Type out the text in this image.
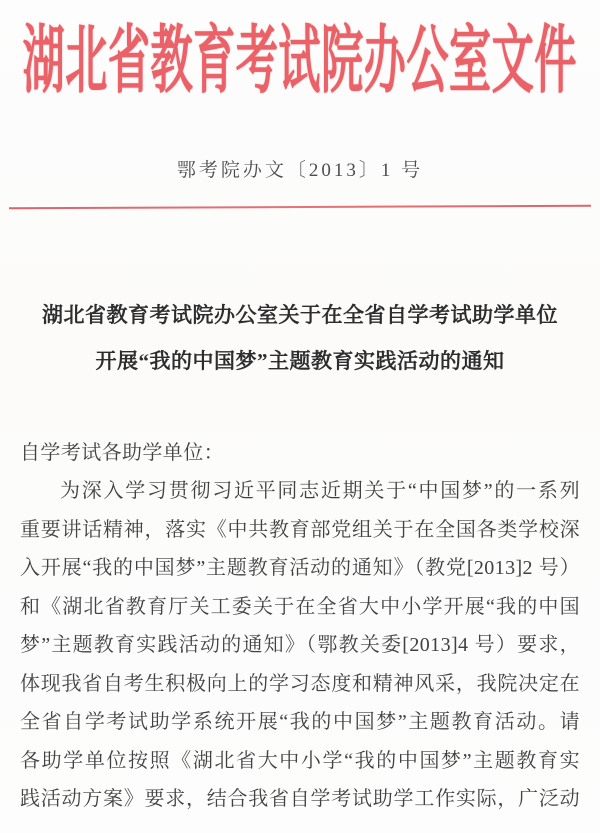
湖北省教育考试院办公室文件
鄂考院办文〔2013〕1 号
湖北省教育考试院办公室关于在全省自学考试助学单位
开展“我的中国梦”主题教育实践活动的通知
自学考试各助学单位：
为深入学习贯彻习近平同志近期关于“中国梦”的一系列
重要讲话精神，落实《中共教育部党组关于在全国各类学校深
入开展“我的中国梦”主题教育活动的通知》（教党[2013]2 号）
和《湖北省教育厅关工委关于在全省大中小学开展“我的中国
梦”主题教育实践活动的通知》（鄂教关委[2013]4 号）要求，
体现我省自考生积极向上的学习态度和精神风采，我院决定在
全省自学考试助学系统开展“我的中国梦”主题教育活动。请
各助学单位按照《湖北省大中小学“我的中国梦”主题教育实
践活动方案》要求，结合我省自学考试助学工作实际，广泛动
